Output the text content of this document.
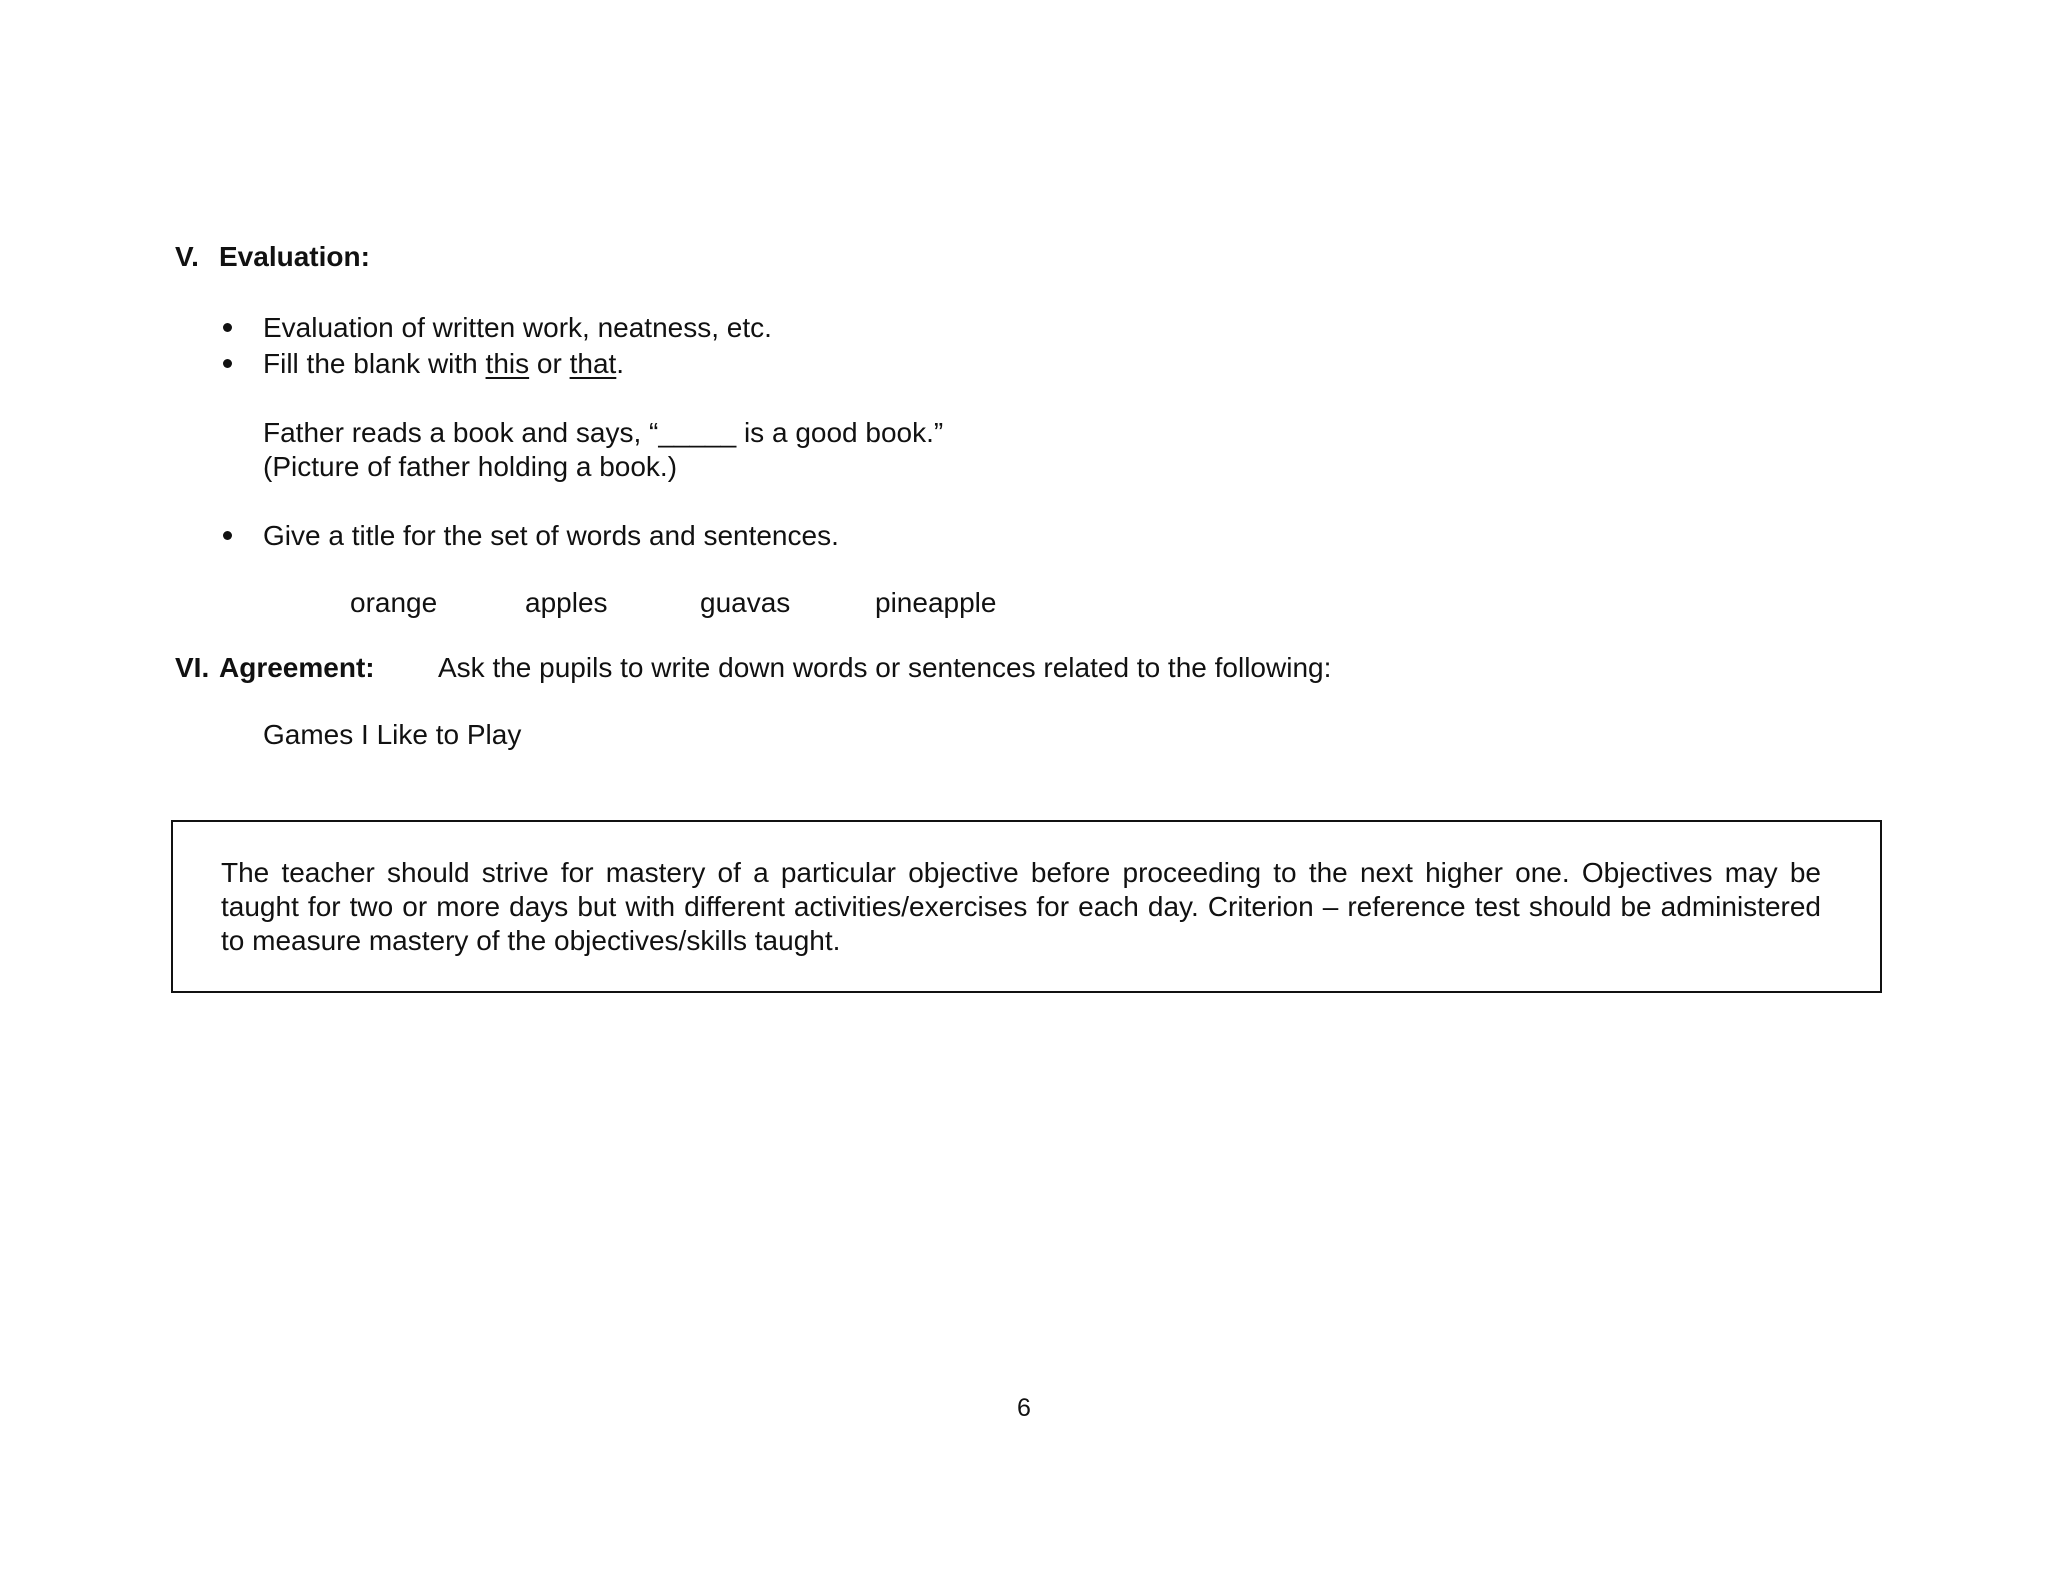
V. Evaluation:
Evaluation of written work, neatness, etc.
Fill the blank with this or that.
Father reads a book and says, “_____ is a good book.”
(Picture of father holding a book.)
Give a title for the set of words and sentences.
orange	apples	guavas	pineapple
VI. Agreement: Ask the pupils to write down words or sentences related to the following:
Games I Like to Play
The teacher should strive for mastery of a particular objective before proceeding to the next higher one. Objectives may be taught for two or more days but with different activities/exercises for each day. Criterion – reference test should be administered to measure mastery of the objectives/skills taught.
6
